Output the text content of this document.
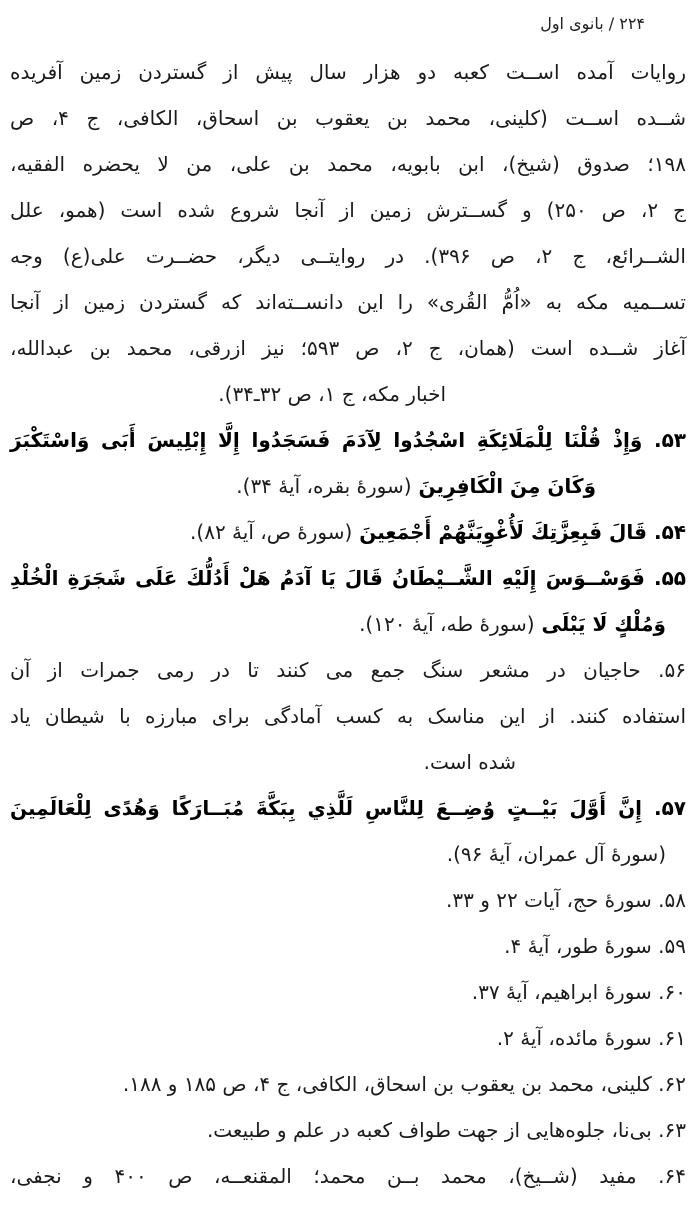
۲۲۴ / بانوی اول
روایات آمده اســت کعبه دو هزار سال پیش از گستردن زمین آفریده
شــده اســت (کلینی، محمد بن یعقوب بن اسحاق، الکافی، ج ۴، ص
۱۹۸؛ صدوق (شیخ)، ابن بابویه، محمد بن علی، من لا یحضره الفقیه،
ج ۲، ص ۲۵۰) و گســترش زمین از آنجا شروع شده است (همو، علل
الشــرائع، ج ۲، ص ۳۹۶). در روایتــی دیگر، حضــرت علی(ع) وجه
تســمیه مکه به «اُمُّ القُری» را این دانســته‌اند که گستردن زمین از آنجا
آغاز شــده است (همان، ج ۲، ص ۵۹۳؛ نیز ازرقی، محمد بن عبدالله،
اخبار مکه، ج ۱، ص ۳۲ـ۳۴).
۵۳. وَإِذْ قُلْنَا لِلْمَلَائِكَةِ اسْجُدُوا لِآدَمَ فَسَجَدُوا إِلَّا إِبْلِيسَ أَبَى وَاسْتَكْبَرَ
وَكَانَ مِنَ الْكَافِرِينَ (سورهٔ بقره، آیهٔ ۳۴).
۵۴. قَالَ فَبِعِزَّتِكَ لَأُغْوِيَنَّهُمْ أَجْمَعِينَ (سورهٔ ص، آیهٔ ۸۲).
۵۵. فَوَسْــوَسَ إِلَيْهِ الشَّــيْطَانُ قَالَ يَا آدَمُ هَلْ أَدُلُّكَ عَلَى شَجَرَةِ الْخُلْدِ
وَمُلْكٍ لَا يَبْلَى (سورهٔ طه، آیهٔ ۱۲۰).
۵۶. حاجیان در مشعر سنگ جمع می کنند تا در رمی جمرات از آن
استفاده کنند. از این مناسک به کسب آمادگی برای مبارزه با شیطان یاد
شده است.
۵۷. إِنَّ أَوَّلَ بَيْــتٍ وُضِــعَ لِلنَّاسِ لَلَّذِي بِبَكَّةَ مُبَــارَكًا وَهُدًى لِلْعَالَمِينَ
(سورهٔ آل عمران، آیهٔ ۹۶).
۵۸. سورهٔ حج، آیات ۲۲ و ۳۳.
۵۹. سورهٔ طور، آیهٔ ۴.
۶۰. سورهٔ ابراهیم، آیهٔ ۳۷.
۶۱. سورهٔ مائده، آیهٔ ۲.
۶۲. کلینی، محمد بن یعقوب بن اسحاق، الکافی، ج ۴، ص ۱۸۵ و ۱۸۸.
۶۳. بی‌نا، جلوه‌هایی از جهت طواف کعبه در علم و طبیعت.
۶۴. مفید (شــیخ)، محمد بــن محمد؛ المقنعــه، ص ۴۰۰ و نجفی،
